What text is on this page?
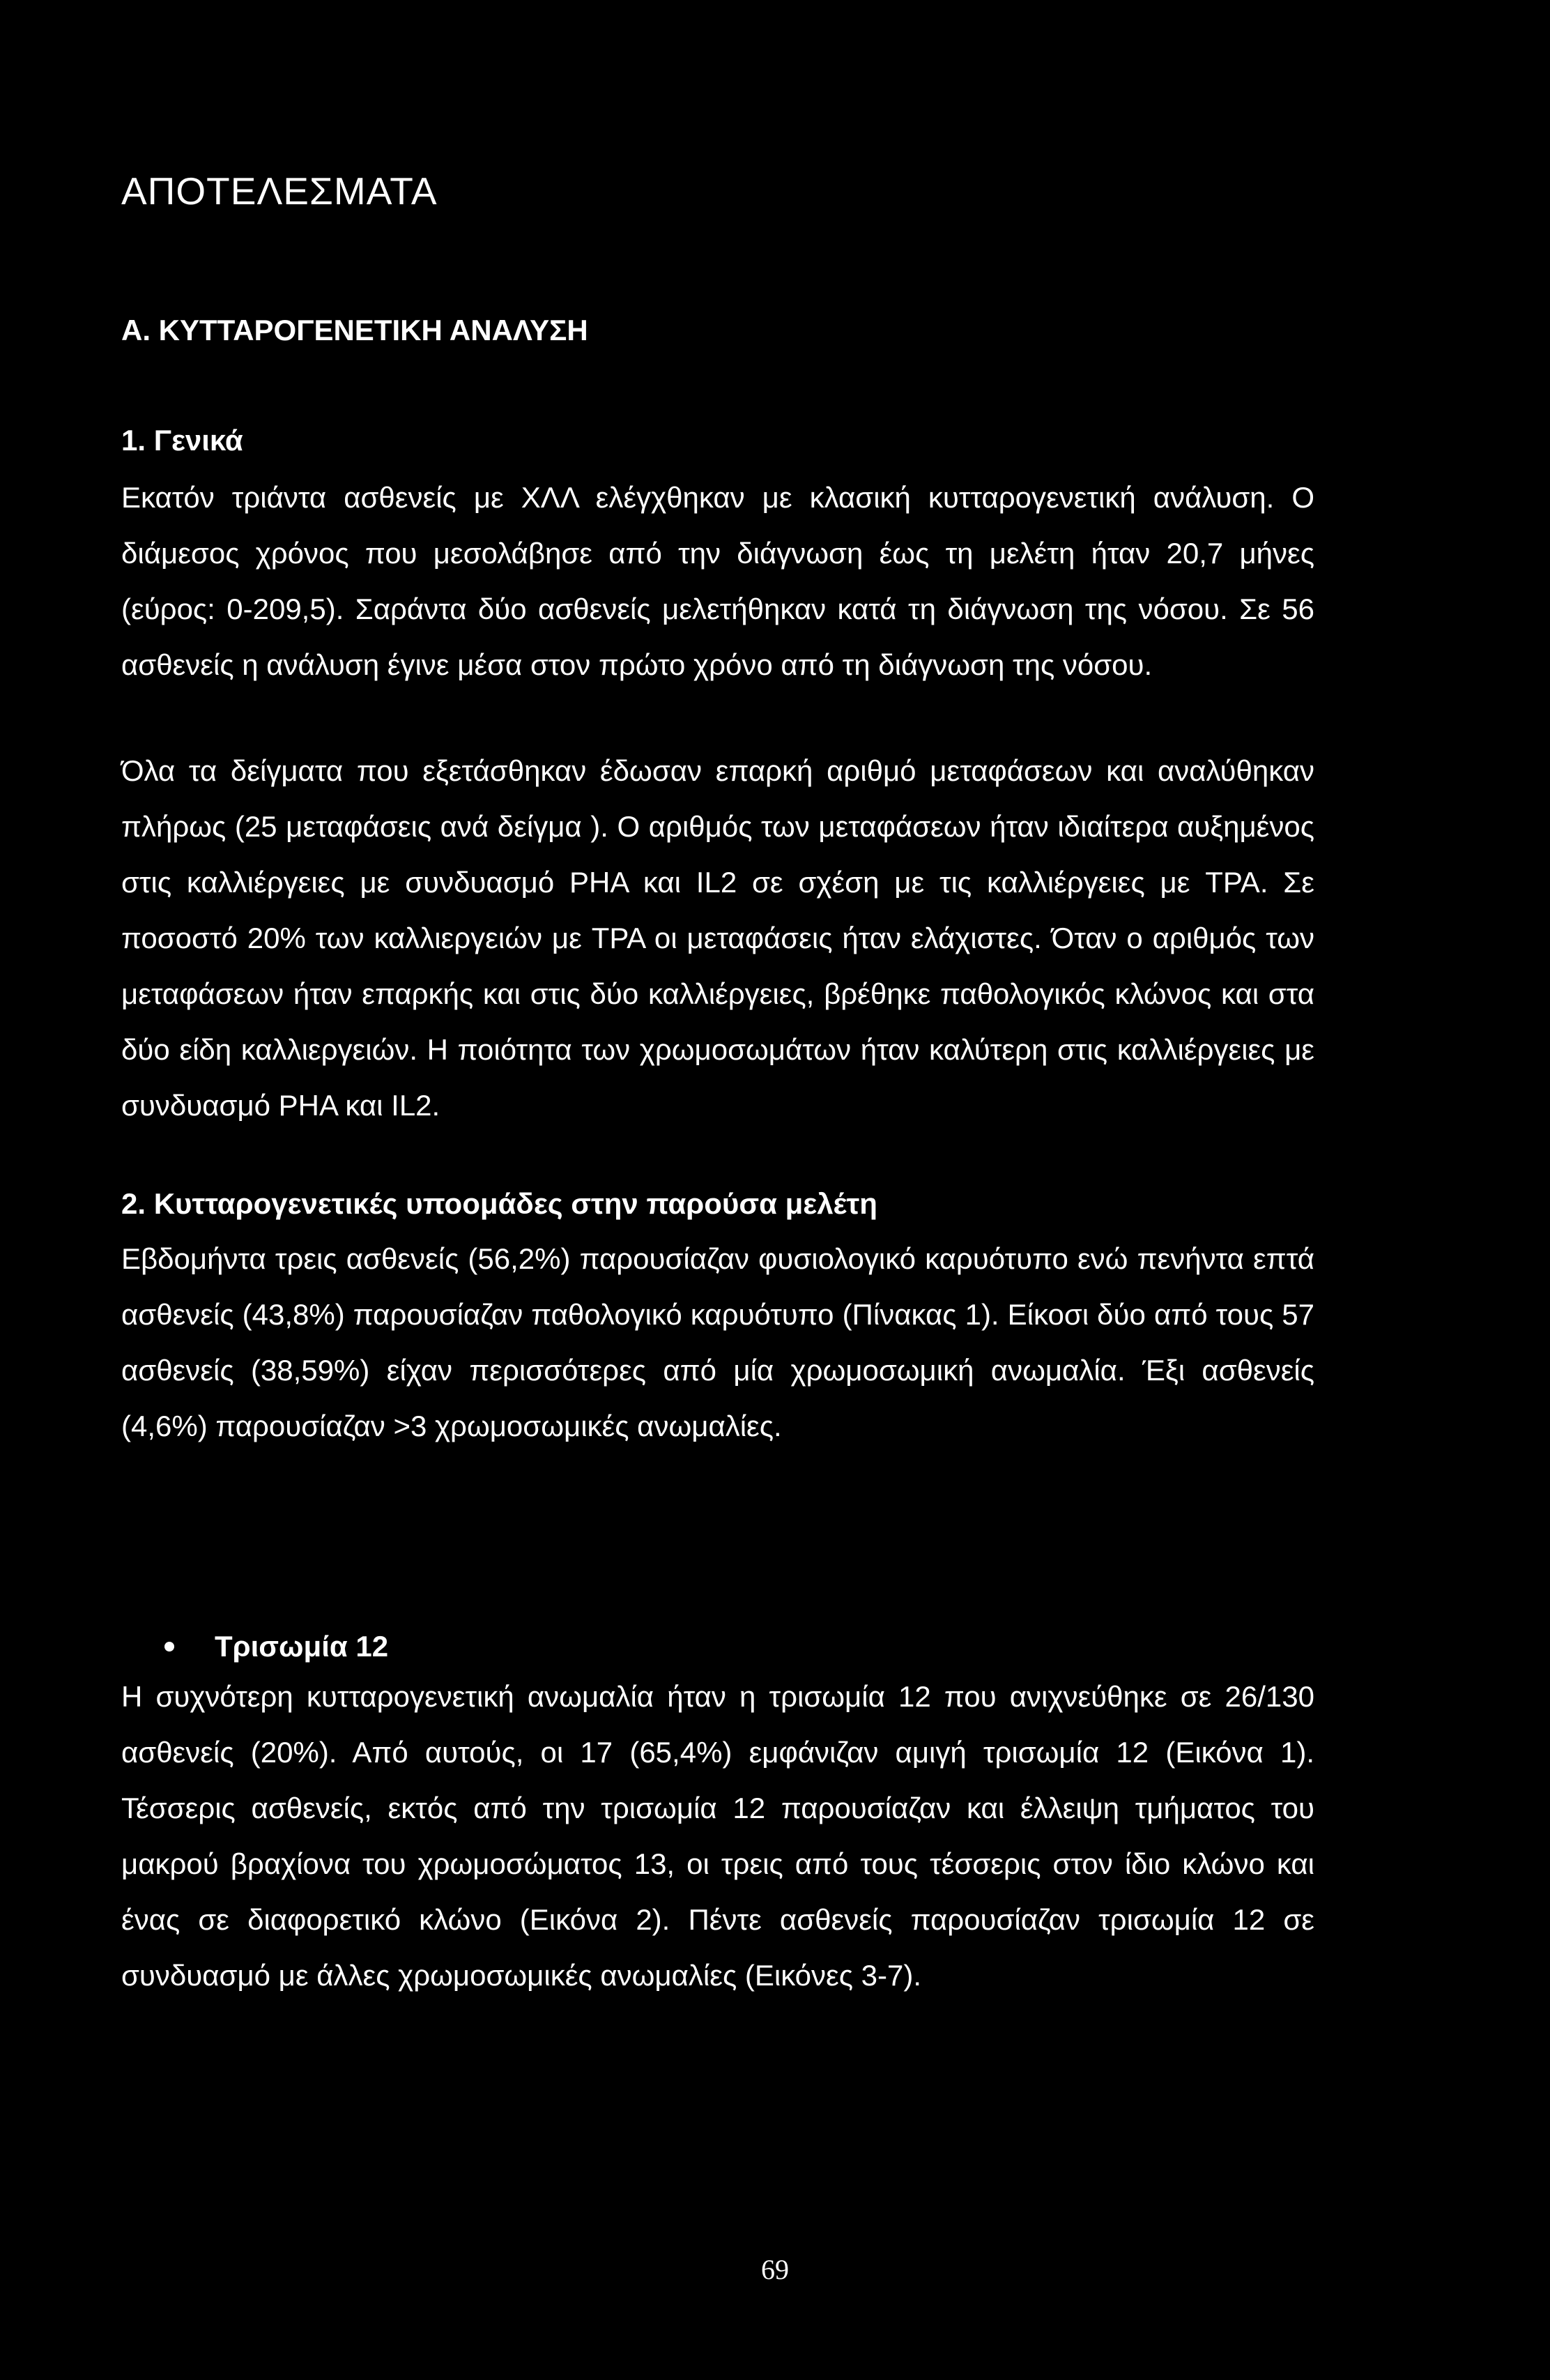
ΑΠΟΤΕΛΕΣΜΑΤΑ
Α. ΚΥΤΤΑΡΟΓΕΝΕΤΙΚΗ ΑΝΑΛΥΣΗ
1. Γενικά

Εκατόν τριάντα ασθενείς με ΧΛΛ ελέγχθηκαν με κλασική κυτταρογενετική ανάλυση. Ο διάμεσος χρόνος που μεσολάβησε από την διάγνωση έως τη μελέτη ήταν 20,7 μήνες (εύρος: 0-209,5). Σαράντα δύο ασθενείς μελετήθηκαν κατά τη διάγνωση της νόσου. Σε 56 ασθενείς η ανάλυση έγινε μέσα στον πρώτο χρόνο από τη διάγνωση της νόσου.

Όλα τα δείγματα που εξετάσθηκαν έδωσαν επαρκή αριθμό μεταφάσεων και αναλύθηκαν πλήρως (25 μεταφάσεις ανά δείγμα ). Ο αριθμός των μεταφάσεων ήταν ιδιαίτερα αυξημένος στις καλλιέργειες με συνδυασμό PHA και IL2 σε σχέση με τις καλλιέργειες με TPA. Σε ποσοστό 20% των καλλιεργειών με TPA οι μεταφάσεις ήταν ελάχιστες. Όταν ο αριθμός των μεταφάσεων ήταν επαρκής και στις δύο καλλιέργειες, βρέθηκε παθολογικός κλώνος και στα δύο είδη καλλιεργειών. Η ποιότητα των χρωμοσωμάτων ήταν καλύτερη στις καλλιέργειες με συνδυασμό PHA και IL2.

2. Κυτταρογενετικές υποομάδες στην παρούσα μελέτη

Εβδομήντα τρεις ασθενείς (56,2%) παρουσίαζαν φυσιολογικό καρυότυπο ενώ πενήντα επτά ασθενείς (43,8%) παρουσίαζαν παθολογικό καρυότυπο (Πίνακας 1). Είκοσι δύο από τους 57 ασθενείς (38,59%) είχαν περισσότερες από μία χρωμοσωμική ανωμαλία. Έξι ασθενείς (4,6%) παρουσίαζαν >3 χρωμοσωμικές ανωμαλίες.

Τρισωμία 12

Η συχνότερη κυτταρογενετική ανωμαλία ήταν η τρισωμία 12 που ανιχνεύθηκε σε 26/130 ασθενείς (20%). Από αυτούς, οι 17 (65,4%) εμφάνιζαν αμιγή τρισωμία 12 (Εικόνα 1). Τέσσερις ασθενείς, εκτός από την τρισωμία 12 παρουσίαζαν και έλλειψη τμήματος του μακρού βραχίονα του χρωμοσώματος 13, οι τρεις από τους τέσσερις στον ίδιο κλώνο και ένας σε διαφορετικό κλώνο (Εικόνα 2). Πέντε ασθενείς παρουσίαζαν τρισωμία 12 σε συνδυασμό με άλλες χρωμοσωμικές ανωμαλίες (Εικόνες 3-7).

69
